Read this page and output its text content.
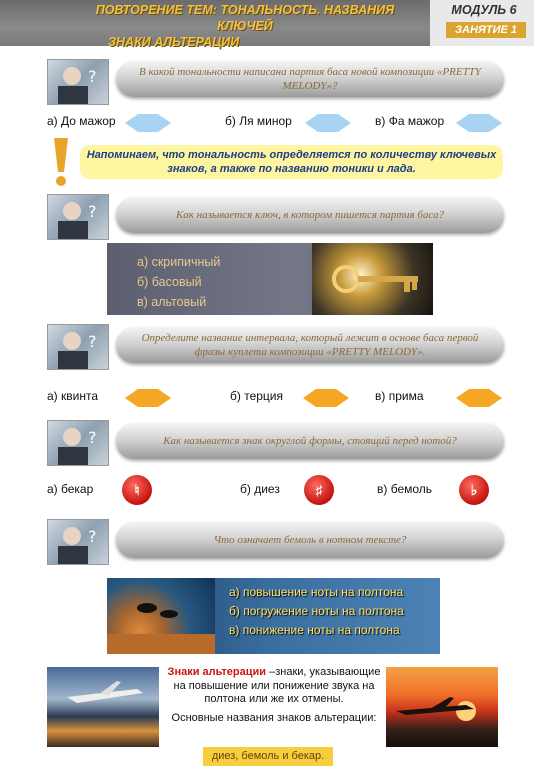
ПОВТОРЕНИЕ ТЕМ: ТОНАЛЬНОСТЬ. НАЗВАНИЯ КЛЮЧЕЙ
ЗНАКИ АЛЬТЕРАЦИИ
МОДУЛЬ 6
ЗАНЯТИЕ 1
?	В какой тональности написана партия баса новой композиции «PRETTY MELODY»?
а) До мажор	б) Ля минор	в) Фа мажор
Напоминаем, что тональность определяется по количеству ключевых знаков, а также по названию тоники и лада.
?	Как называется ключ, в котором пишется партия баса?
а) скрипичный
б) басовый
в) альтовый
?	Определите название интервала, который лежит в основе баса первой фразы куплета композиции «PRETTY MELODY».
а) квинта	б) терция	в) прима
?	Как называется знак округлой формы, стоящий перед нотой?
а) бекар	♮	б) диез	♯	в) бемоль	♭
?	Что означает бемоль в нотном тексте?
а) повышение ноты на полтона
б) погружение ноты на полтона
в) понижение ноты на полтона
Знаки альтерации –знаки, указывающие на повышение или понижение звука на полтона или же их отмены.
Основные названия знаков альтерации:
диез, бемоль и бекар.
